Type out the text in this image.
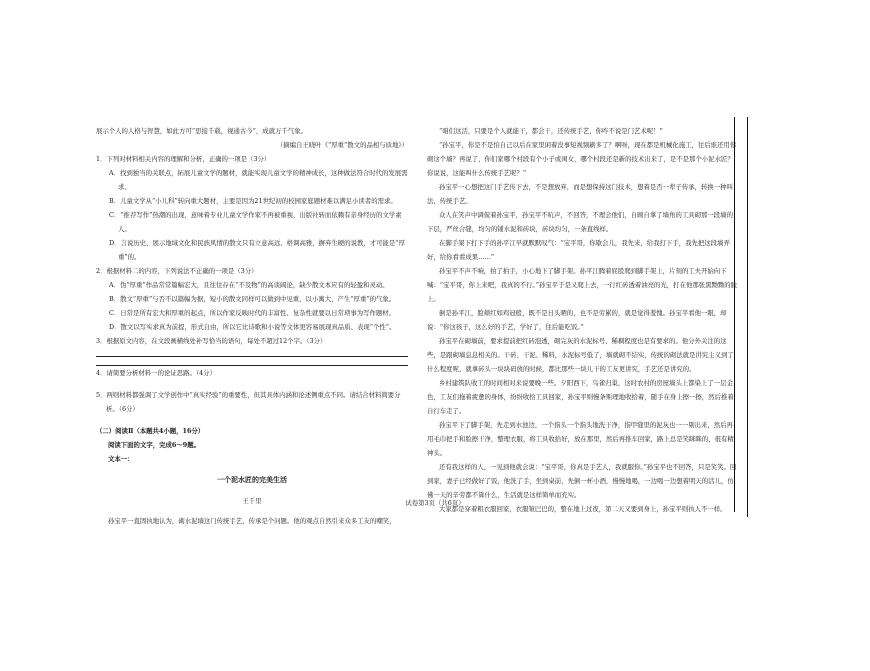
展示个人的人格与智慧，如此方可“思接千载，视通古今”，成就万千气象。

（摘编自王晓叶《“厚重”散文的品相与质地》）

1．下列对材料相关内容的理解和分析，正确的一项是（3分）

A．找到独当的关联点，拓展儿童文学的题材，就能实现儿童文学的精神成长，这种做法符合时代的发展需求。

B．儿童文学从“小儿科”转向重大题材，主要是因为21世纪初的校园家庭题材难以满足小读者的需求。

C．“推荐写作”热潮的出现，意味着专业儿童文学作家不再被重视，出版社转而依赖有亲身经历的文学素人。

D．言说历史、展示地域文化和民族风情的散文只有立意高远、格调高雅，摒弃生硬的说教，才可能是“厚重”的。

2．根据材料二的内容，下列说法不正确的一项是（3分）

A．伪“厚重”作品常常篇幅宏大，且往往存在“不及物”的高谈阔论，缺少散文本应有的轻盈和灵动。

B．散文“厚重”与否不以篇幅为据，短小的散文同样可以做到中见重，以小寓大，产生“厚重”的气象。

C．日常是所有宏大和厚重的起点，所以作家反映时代的丰富性、复杂性就要以日常琐事为写作题材。

D．散文以写实求真为前提，形式自由，所以它比诗歌和小说等文体更容易展现真品质、表现“个性”。

3．根据原文内容，在文段画横线处补写恰当的语句，每处不超过12个字。（3分）

4．请简要分析材料一的论证思路。（4分）

5．两则材料都强调了文学创作中“真实经验”的重要性，但其具体内涵和论述侧重点不同。请结合材料简要分析。（6分）

（二）阅读Ⅱ（本题共4小题，16分）

阅读下面的文字，完成6～9题。

文本一：

一个泥水匠的完美生活

王千里

孙宝平一直固执地认为，砌水泥墙这门传统手艺，传承是个问题。他的观点自然引来众多工友的嘲笑，

“咱们这活，只要是个人就能干，都会干，还传统手艺，你咋不说是门艺术呢！”

“孙宝平，你是不是怕自己以后在家里闲着没事短视频刷多了？啊呀，现在都是机械化施工，往后谁还用你砌这个墙？再说了，你们家哪个村段有个小子或闺女，哪个村段还是新的技术出来了，是不是那个小泥水匠？你说说，这能叫什么传统手艺呢？”

孙宝平一心想把这门手艺传下去，不是想放弃，而是想保持这门技术，想着是否一辈子传承，转换一种叫法，传统手艺。

众人在笑声中调侃着孙宝平，孙宝平不吭声，不回答，不理会他们，自顾自拿了墙角的工具砌那一段墙的下层，严丝合缝，均匀的铺水泥和砖块，砖块均匀，一条直线样。

在脚手架下打下手的孙平江早就默默叹气：“宝平哥，你歇会儿，我先来，给我打下手，我先把这段墙弄好，给你看看成果……”

孙宝平不声不响，拍了拍手，小心地下了脚手架。孙平江腾着屁股爬到脚手架上，片刻的工夫开始向下喊：“宝平哥，你上来吧，我真的不行。”孙宝平于是又爬上去，一行红砖透着油亮的光，打在他那张黑黝黝的脸上。

倒是孙平江，脸颊红如鸡冠般，既不是日头晒的，也不是劳累的，就是觉得羞愧。孙宝平看他一眼，却说：“你这孩子，这么好的手艺，学好了，往后能吃饭。”

孙宝平在砌墙前，要求提前把红砖泡透，砌完灰的水泥标号、稀稠程度也是有要求的。他分外关注的这些，是跟砌墙息息相关的。干砖、干泥、稀料，水泥标号低了，墙就砌不结实，传统的砌法就是讲究主义到了什么程度呢，就拿砖头一块块码放的时候，都比那些一块儿干的工友更讲究，手艺还是讲究的。

乡村建筑队收工的时间相对来说要晚一些。夕阳西下，鸟雀归巢，这时农村的房屋墙头上都染上了一层金色，工友们拖着疲惫的身体，纷纷收拾工具回家，孙宝平则慢条斯理地收拾着，随手在身上擦一擦，然后推着自行车走了。

孙宝平下了脚手架，先走到水池边，一个指头一个指头地洗干净，指甲缝里的泥灰也一一剔出来，然后再用毛巾把手和脸擦干净，整理衣服，将工具收拾好，放在那里，然后再推车回家，路上总是笑眯眯的，很有精神头。

还有我这样的人，一见到他就会说：“宝平哥，你真是手艺人，我就服你。”孙宝平也不回答，只是笑笑。回到家，妻子已经做好了饭，他洗了手，坐到桌前，先倒一杯小酒，慢慢地喝，一边喝一边想着明天的活儿，仿佛一天的辛劳都不算什么，生活就是这样简单而充实。

大家都是穿着粗衣服回家，衣服皱巴巴的，整在地上过夜，第二天又要到身上，孙宝平则执人不一样。

试卷第3页（共6页）
